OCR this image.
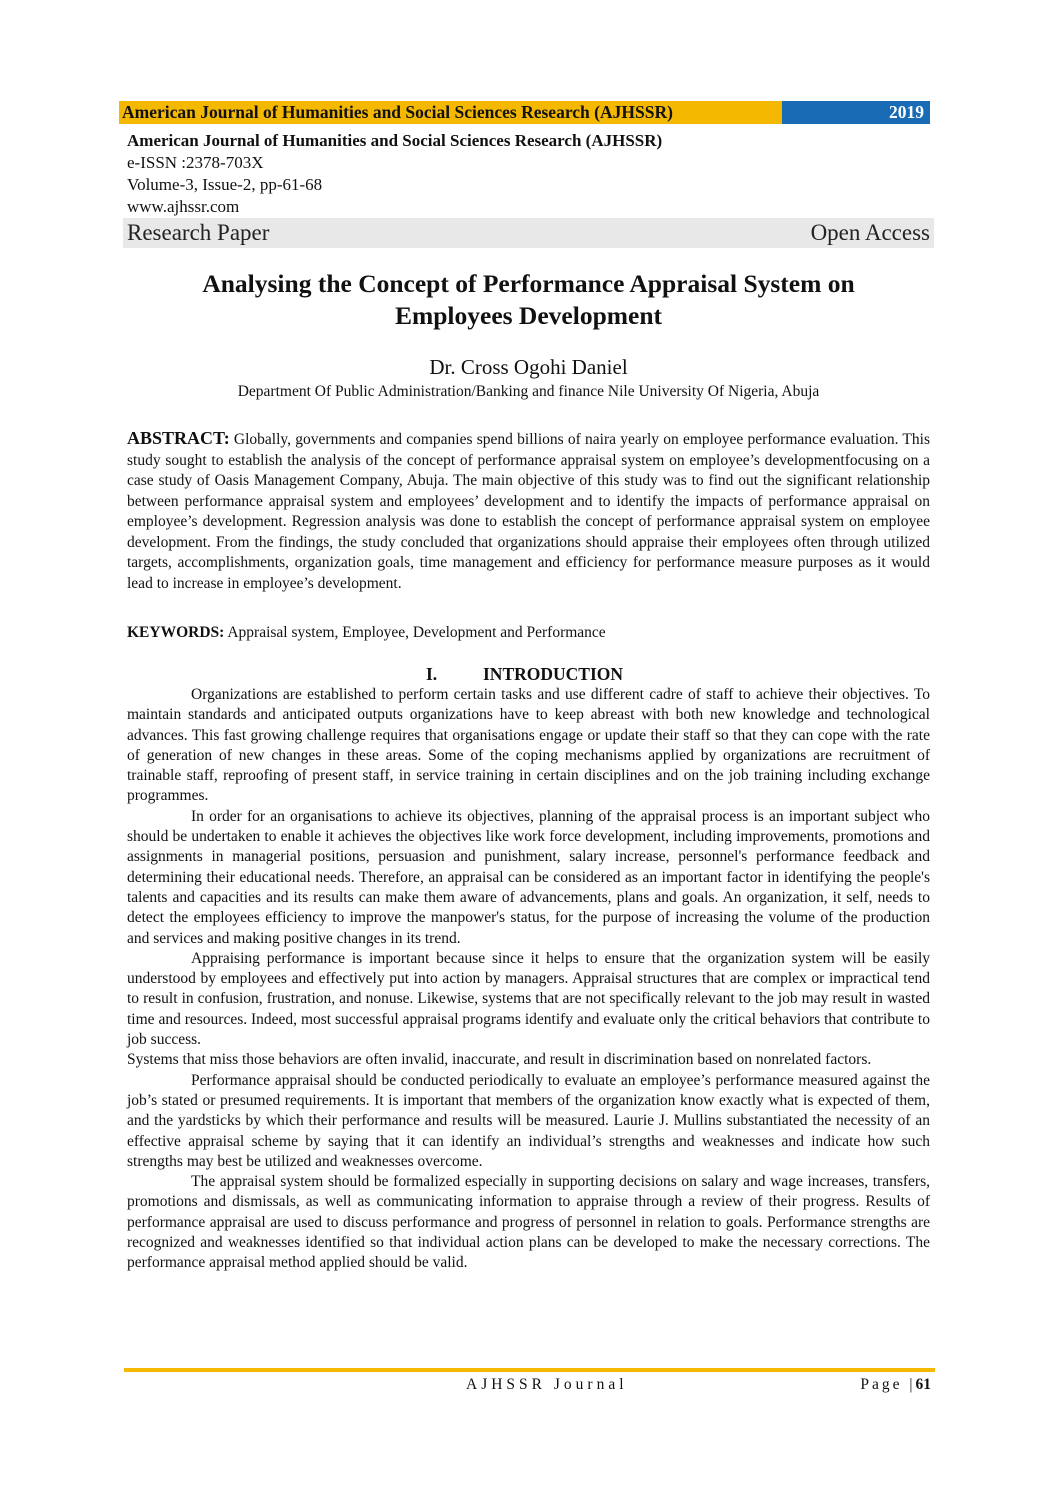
American Journal of Humanities and Social Sciences Research (AJHSSR)	2019
American Journal of Humanities and Social Sciences Research (AJHSSR)
e-ISSN :2378-703X
Volume-3, Issue-2, pp-61-68
www.ajhssr.com
Research Paper	Open Access
Analysing the Concept of Performance Appraisal System on
Employees Development
Dr. Cross Ogohi Daniel
Department Of Public Administration/Banking and finance Nile University Of Nigeria, Abuja
ABSTRACT: Globally, governments and companies spend billions of naira yearly on employee performance evaluation. This study sought to establish the analysis of the concept of performance appraisal system on employee’s developmentfocusing on a case study of Oasis Management Company, Abuja. The main objective of this study was to find out the significant relationship between performance appraisal system and employees’ development and to identify the impacts of performance appraisal on employee’s development. Regression analysis was done to establish the concept of performance appraisal system on employee development. From the findings, the study concluded that organizations should appraise their employees often through utilized targets, accomplishments, organization goals, time management and efficiency for performance measure purposes as it would lead to increase in employee’s development.
KEYWORDS: Appraisal system, Employee, Development and Performance
I.	INTRODUCTION

Organizations are established to perform certain tasks and use different cadre of staff to achieve their objectives. To maintain standards and anticipated outputs organizations have to keep abreast with both new knowledge and technological advances. This fast growing challenge requires that organisations engage or update their staff so that they can cope with the rate of generation of new changes in these areas. Some of the coping mechanisms applied by organizations are recruitment of trainable staff, reproofing of present staff, in service training in certain disciplines and on the job training including exchange programmes.

In order for an organisations to achieve its objectives, planning of the appraisal process is an important subject who should be undertaken to enable it achieves the objectives like work force development, including improvements, promotions and assignments in managerial positions, persuasion and punishment, salary increase, personnel's performance feedback and determining their educational needs. Therefore, an appraisal can be considered as an important factor in identifying the people's talents and capacities and its results can make them aware of advancements, plans and goals. An organization, it self, needs to detect the employees efficiency to improve the manpower's status, for the purpose of increasing the volume of the production and services and making positive changes in its trend.

Appraising performance is important because since it helps to ensure that the organization system will be easily understood by employees and effectively put into action by managers. Appraisal structures that are complex or impractical tend to result in confusion, frustration, and nonuse. Likewise, systems that are not specifically relevant to the job may result in wasted time and resources. Indeed, most successful appraisal programs identify and evaluate only the critical behaviors that contribute to job success.

Systems that miss those behaviors are often invalid, inaccurate, and result in discrimination based on nonrelated factors.

Performance appraisal should be conducted periodically to evaluate an employee’s performance measured against the job’s stated or presumed requirements. It is important that members of the organization know exactly what is expected of them, and the yardsticks by which their performance and results will be measured. Laurie J. Mullins substantiated the necessity of an effective appraisal scheme by saying that it can identify an individual’s strengths and weaknesses and indicate how such strengths may best be utilized and weaknesses overcome.

The appraisal system should be formalized especially in supporting decisions on salary and wage increases, transfers, promotions and dismissals, as well as communicating information to appraise through a review of their progress. Results of performance appraisal are used to discuss performance and progress of personnel in relation to goals. Performance strengths are recognized and weaknesses identified so that individual action plans can be developed to make the necessary corrections. The performance appraisal method applied should be valid.

AJHSSR Journal	Page |61
